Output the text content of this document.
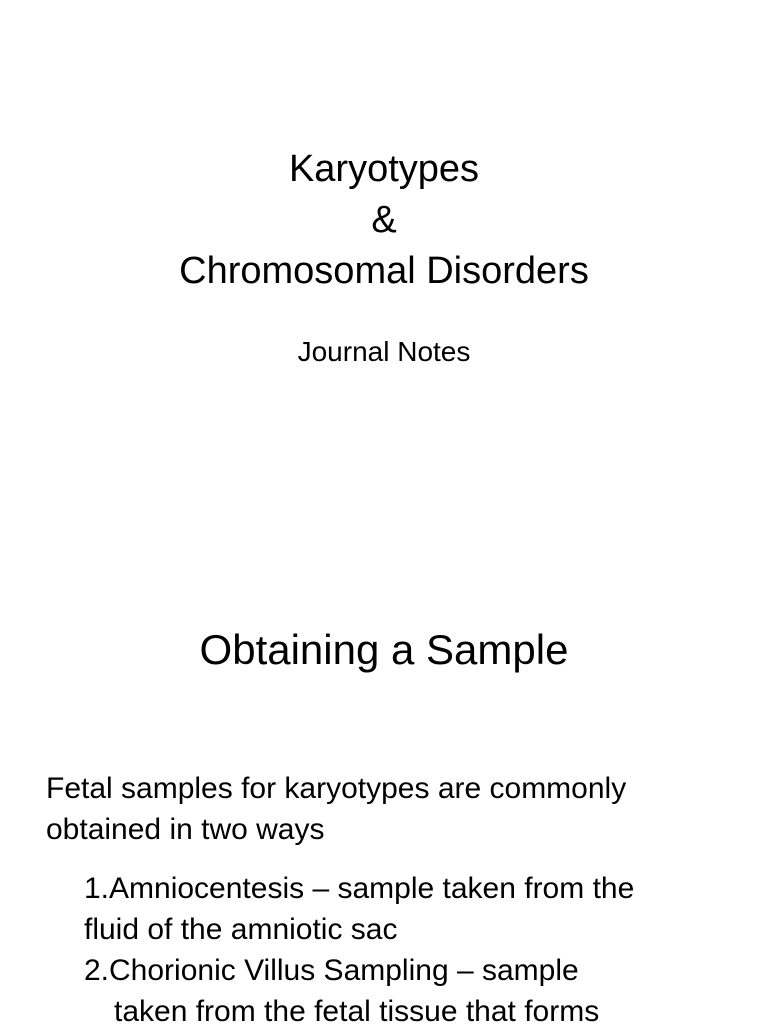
Karyotypes
&
Chromosomal Disorders
Journal Notes
Obtaining a Sample
Fetal samples for karyotypes are commonly
obtained in two ways
1.Amniocentesis – sample taken from the
fluid of the amniotic sac
2.Chorionic Villus Sampling – sample
taken from the fetal tissue that forms
